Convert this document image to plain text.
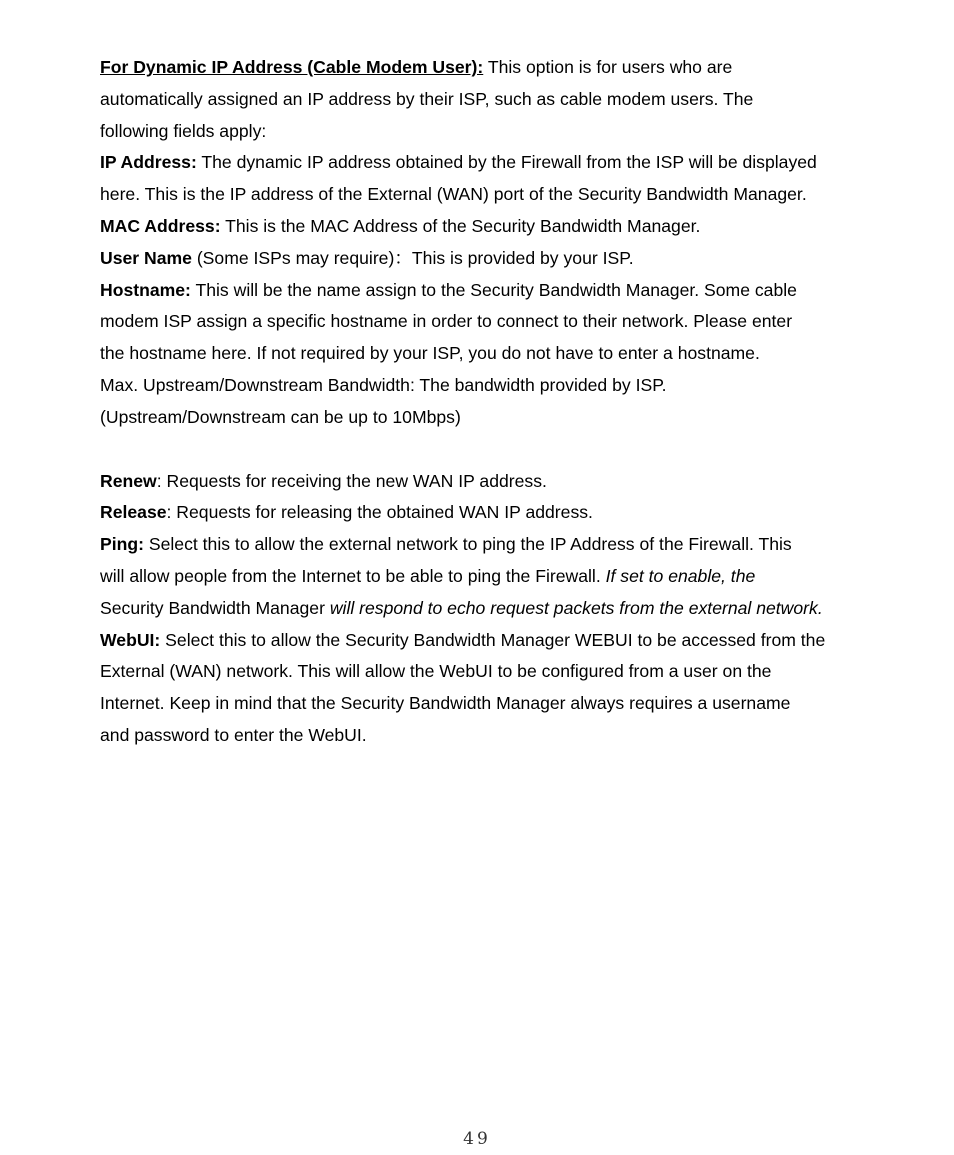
For Dynamic IP Address (Cable Modem User): This option is for users who are
automatically assigned an IP address by their ISP, such as cable modem users. The
following fields apply:
IP Address: The dynamic IP address obtained by the Firewall from the ISP will be displayed
here. This is the IP address of the External (WAN) port of the Security Bandwidth Manager.
MAC Address: This is the MAC Address of the Security Bandwidth Manager.
User Name (Some ISPs may require)：This is provided by your ISP.
Hostname: This will be the name assign to the Security Bandwidth Manager. Some cable
modem ISP assign a specific hostname in order to connect to their network. Please enter
the hostname here. If not required by your ISP, you do not have to enter a hostname.
Max. Upstream/Downstream Bandwidth: The bandwidth provided by ISP.
(Upstream/Downstream can be up to 10Mbps)
Renew: Requests for receiving the new WAN IP address.
Release: Requests for releasing the obtained WAN IP address.
Ping: Select this to allow the external network to ping the IP Address of the Firewall. This
will allow people from the Internet to be able to ping the Firewall. If set to enable, the
Security Bandwidth Manager will respond to echo request packets from the external network.
WebUI: Select this to allow the Security Bandwidth Manager WEBUI to be accessed from the
External (WAN) network. This will allow the WebUI to be configured from a user on the
Internet. Keep in mind that the Security Bandwidth Manager always requires a username
and password to enter the WebUI.
49
